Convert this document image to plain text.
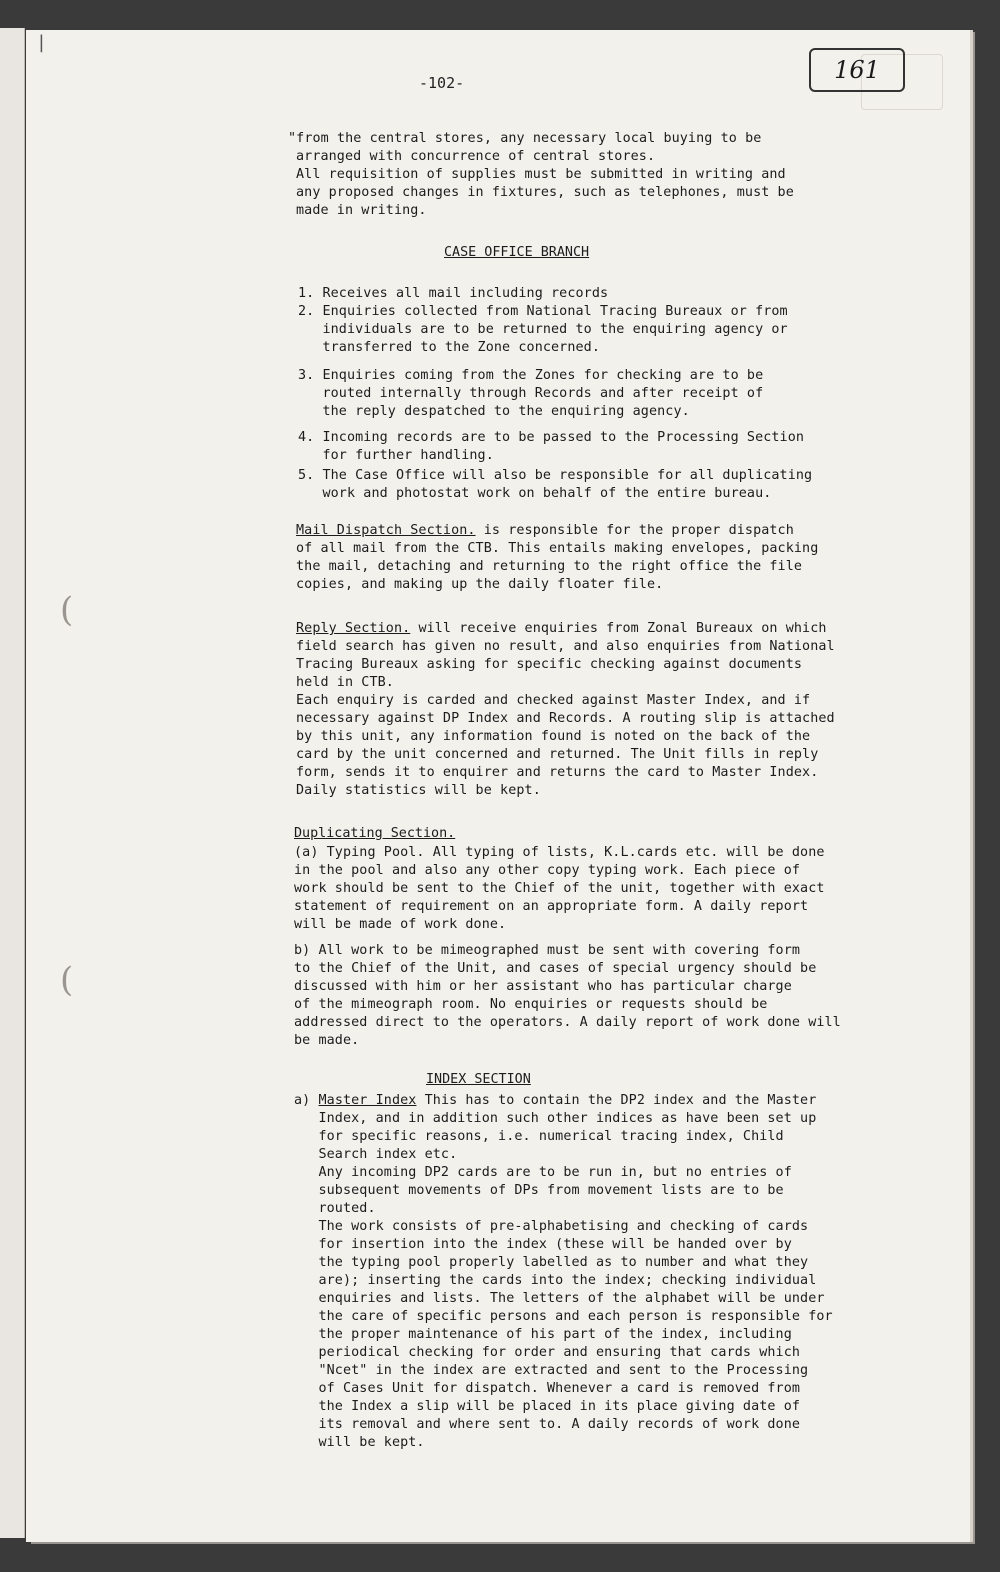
-102-	161
(
(
|
"from the central stores, any necessary local buying to be
arranged with concurrence of central stores.
All requisition of supplies must be submitted in writing and
any proposed changes in fixtures, such as telephones, must be
made in writing.
CASE OFFICE BRANCH
1. Receives all mail including records
2. Enquiries collected from National Tracing Bureaux or from
individuals are to be returned to the enquiring agency or
transferred to the Zone concerned.
3. Enquiries coming from the Zones for checking are to be
routed internally through Records and after receipt of
the reply despatched to the enquiring agency.
4. Incoming records are to be passed to the Processing Section
for further handling.
5. The Case Office will also be responsible for all duplicating
work and photostat work on behalf of the entire bureau.
Mail Dispatch Section. is responsible for the proper dispatch
of all mail from the CTB. This entails making envelopes, packing
the mail, detaching and returning to the right office the file
copies, and making up the daily floater file.
Reply Section. will receive enquiries from Zonal Bureaux on which
field search has given no result, and also enquiries from National
Tracing Bureaux asking for specific checking against documents
held in CTB.
Each enquiry is carded and checked against Master Index, and if
necessary against DP Index and Records. A routing slip is attached
by this unit, any information found is noted on the back of the
card by the unit concerned and returned. The Unit fills in reply
form, sends it to enquirer and returns the card to Master Index.
Daily statistics will be kept.
Duplicating Section.
(a) Typing Pool. All typing of lists, K.L.cards etc. will be done
in the pool and also any other copy typing work. Each piece of
work should be sent to the Chief of the unit, together with exact
statement of requirement on an appropriate form. A daily report
will be made of work done.
b) All work to be mimeographed must be sent with covering form
to the Chief of the Unit, and cases of special urgency should be
discussed with him or her assistant who has particular charge
of the mimeograph room. No enquiries or requests should be
addressed direct to the operators. A daily report of work done will
be made.
INDEX SECTION
a) Master Index This has to contain the DP2 index and the Master
Index, and in addition such other indices as have been set up
for specific reasons, i.e. numerical tracing index, Child
Search index etc.
Any incoming DP2 cards are to be run in, but no entries of
subsequent movements of DPs from movement lists are to be
routed.
The work consists of pre-alphabetising and checking of cards
for insertion into the index (these will be handed over by
the typing pool properly labelled as to number and what they
are); inserting the cards into the index; checking individual
enquiries and lists. The letters of the alphabet will be under
the care of specific persons and each person is responsible for
the proper maintenance of his part of the index, including
periodical checking for order and ensuring that cards which
"Ncet" in the index are extracted and sent to the Processing
of Cases Unit for dispatch. Whenever a card is removed from
the Index a slip will be placed in its place giving date of
its removal and where sent to. A daily records of work done
will be kept.
